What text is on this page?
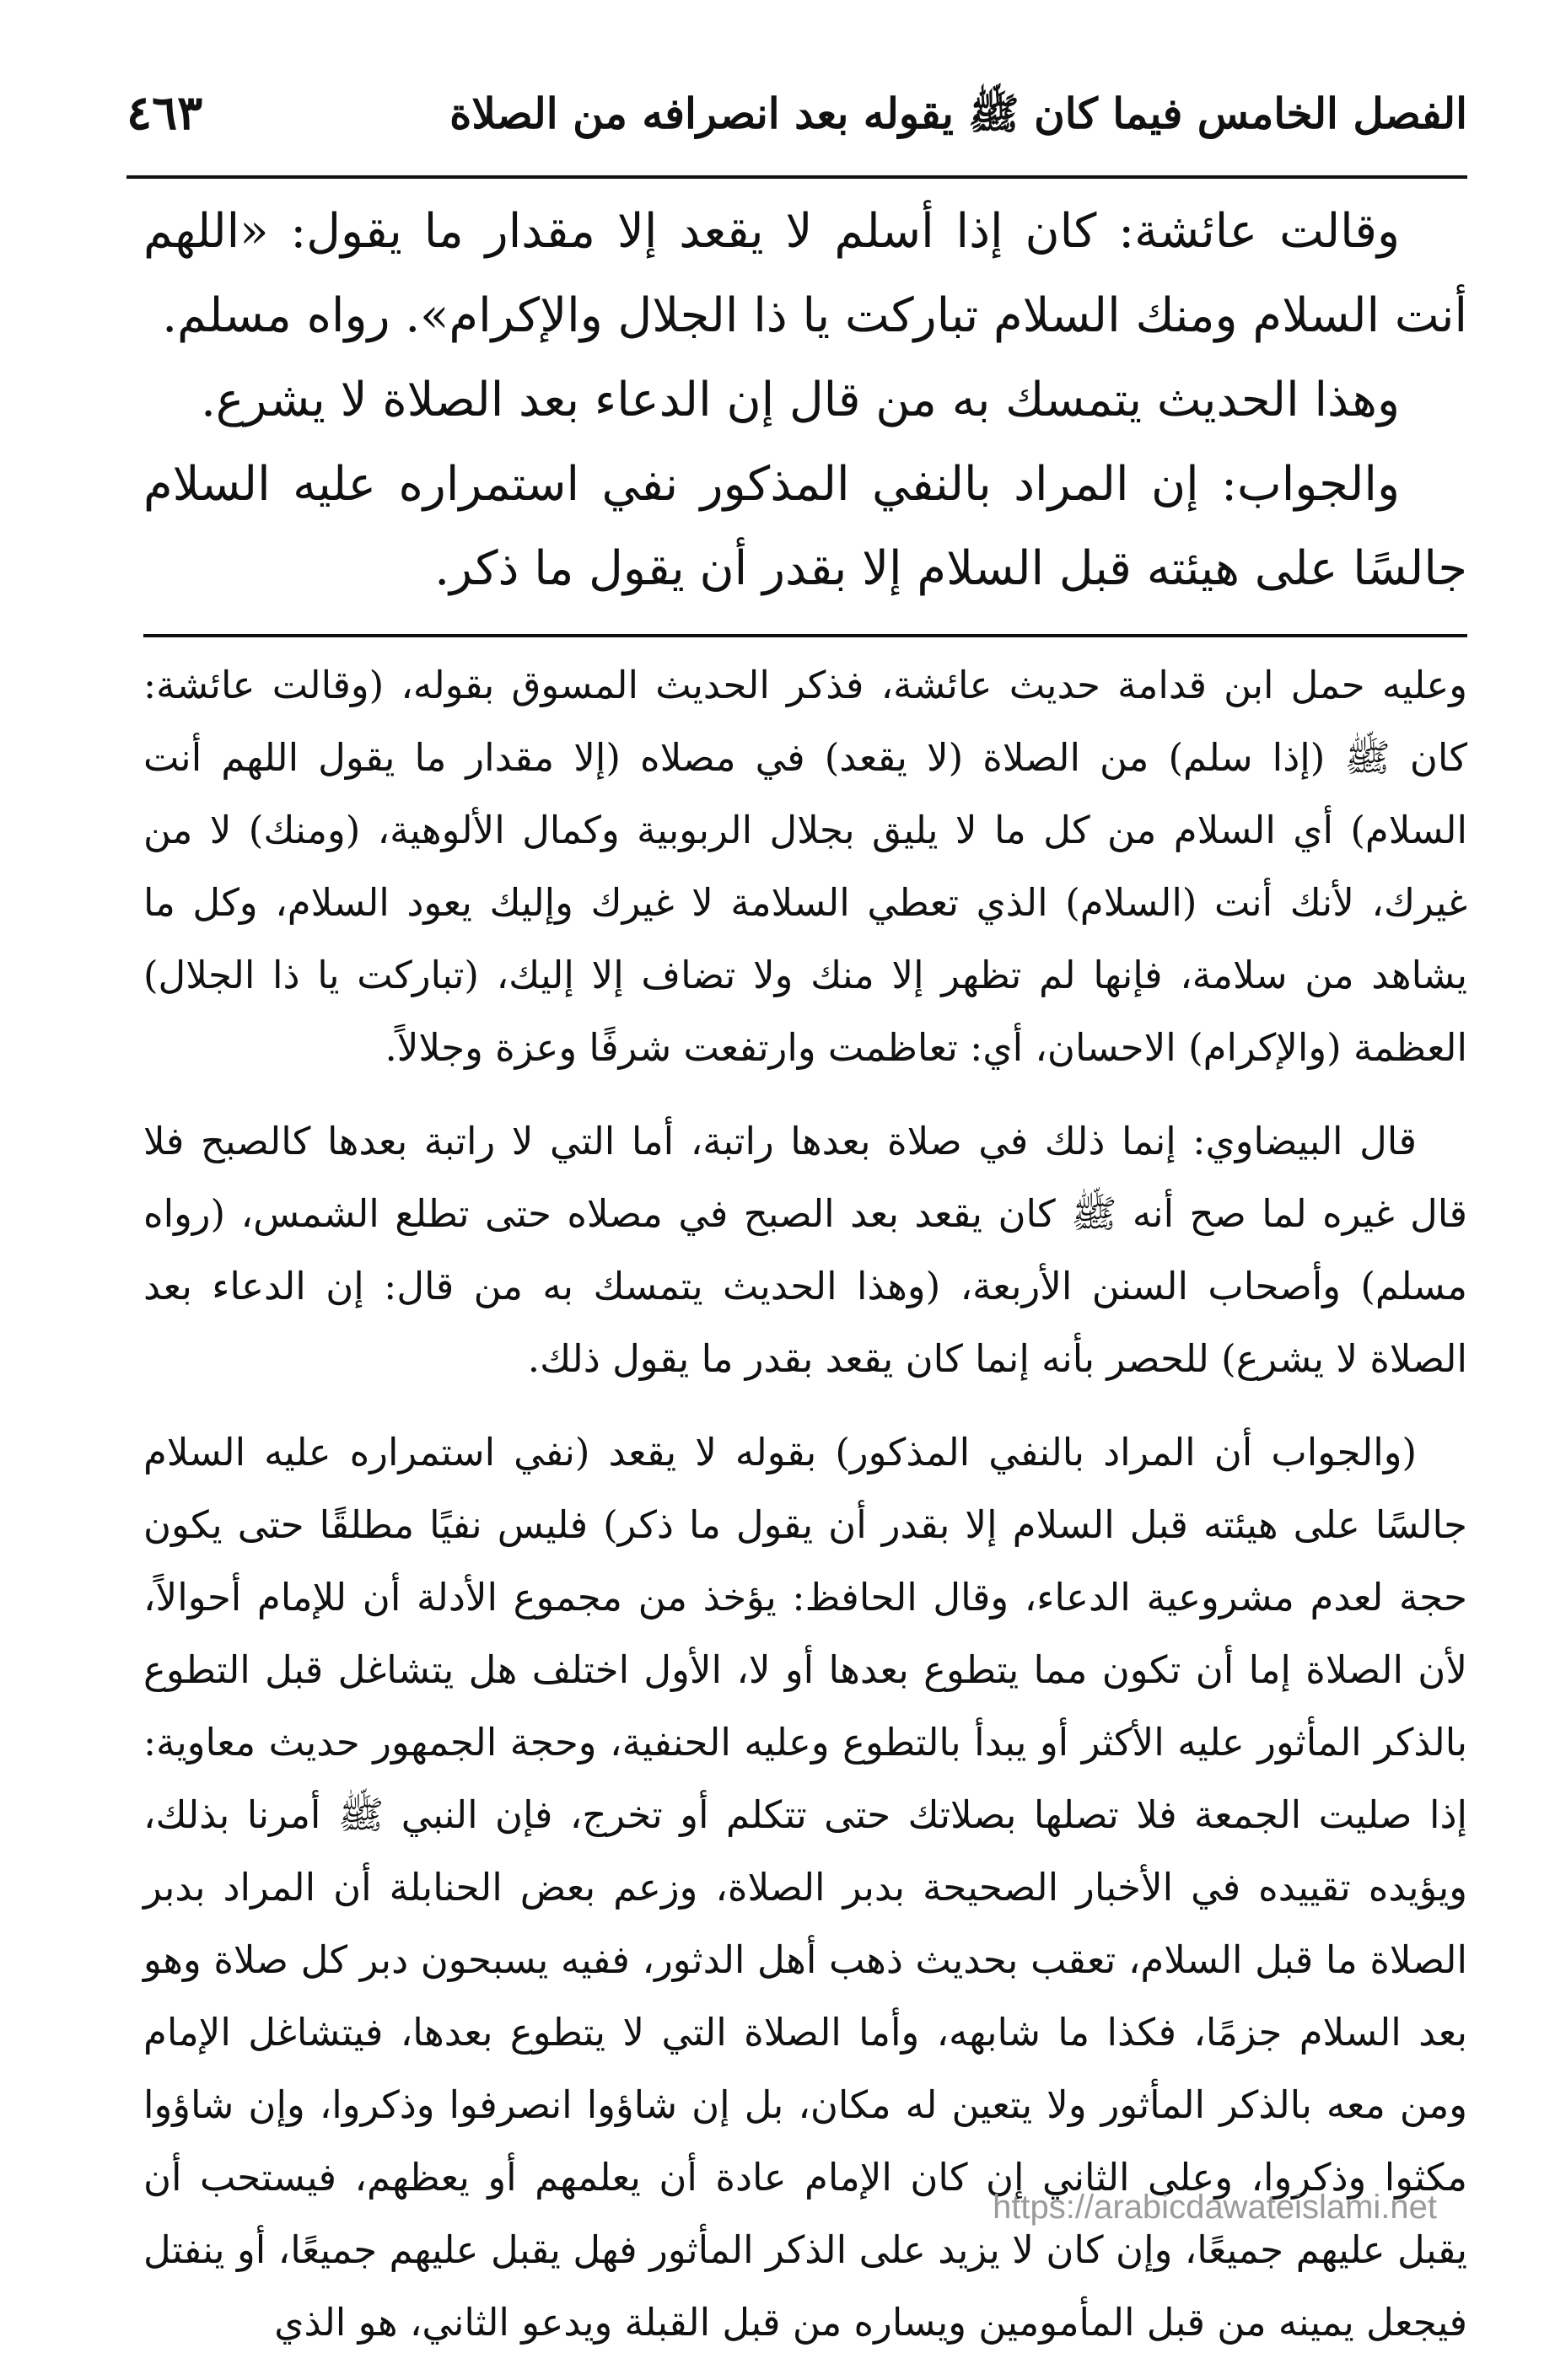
الفصل الخامس فيما كان ﷺ يقوله بعد انصرافه من الصلاة
٤٦٣

وقالت عائشة: كان إذا أسلم لا يقعد إلا مقدار ما يقول: «اللهم أنت السلام ومنك السلام تباركت يا ذا الجلال والإكرام». رواه مسلم.

وهذا الحديث يتمسك به من قال إن الدعاء بعد الصلاة لا يشرع.

والجواب: إن المراد بالنفي المذكور نفي استمراره عليه السلام جالسًا على هيئته قبل السلام إلا بقدر أن يقول ما ذكر.

وعليه حمل ابن قدامة حديث عائشة، فذكر الحديث المسوق بقوله، (وقالت عائشة: كان ﷺ (إذا سلم) من الصلاة (لا يقعد) في مصلاه (إلا مقدار ما يقول اللهم أنت السلام) أي السلام من كل ما لا يليق بجلال الربوبية وكمال الألوهية، (ومنك) لا من غيرك، لأنك أنت (السلام) الذي تعطي السلامة لا غيرك وإليك يعود السلام، وكل ما يشاهد من سلامة، فإنها لم تظهر إلا منك ولا تضاف إلا إليك، (تباركت يا ذا الجلال) العظمة (والإكرام) الاحسان، أي: تعاظمت وارتفعت شرفًا وعزة وجلالاً.

قال البيضاوي: إنما ذلك في صلاة بعدها راتبة، أما التي لا راتبة بعدها كالصبح فلا قال غيره لما صح أنه ﷺ كان يقعد بعد الصبح في مصلاه حتى تطلع الشمس، (رواه مسلم) وأصحاب السنن الأربعة، (وهذا الحديث يتمسك به من قال: إن الدعاء بعد الصلاة لا يشرع) للحصر بأنه إنما كان يقعد بقدر ما يقول ذلك.

(والجواب أن المراد بالنفي المذكور) بقوله لا يقعد (نفي استمراره عليه السلام جالسًا على هيئته قبل السلام إلا بقدر أن يقول ما ذكر) فليس نفيًا مطلقًا حتى يكون حجة لعدم مشروعية الدعاء، وقال الحافظ: يؤخذ من مجموع الأدلة أن للإمام أحوالاً، لأن الصلاة إما أن تكون مما يتطوع بعدها أو لا، الأول اختلف هل يتشاغل قبل التطوع بالذكر المأثور عليه الأكثر أو يبدأ بالتطوع وعليه الحنفية، وحجة الجمهور حديث معاوية: إذا صليت الجمعة فلا تصلها بصلاتك حتى تتكلم أو تخرج، فإن النبي ﷺ أمرنا بذلك، ويؤيده تقييده في الأخبار الصحيحة بدبر الصلاة، وزعم بعض الحنابلة أن المراد بدبر الصلاة ما قبل السلام، تعقب بحديث ذهب أهل الدثور، ففيه يسبحون دبر كل صلاة وهو بعد السلام جزمًا، فكذا ما شابهه، وأما الصلاة التي لا يتطوع بعدها، فيتشاغل الإمام ومن معه بالذكر المأثور ولا يتعين له مكان، بل إن شاؤوا انصرفوا وذكروا، وإن شاؤوا مكثوا وذكروا، وعلى الثاني إن كان الإمام عادة أن يعلمهم أو يعظهم، فيستحب أن يقبل عليهم جميعًا، وإن كان لا يزيد على الذكر المأثور فهل يقبل عليهم جميعًا، أو ينفتل فيجعل يمينه من قبل المأمومين ويساره من قبل القبلة ويدعو الثاني، هو الذي

https://arabicdawateislami.net
